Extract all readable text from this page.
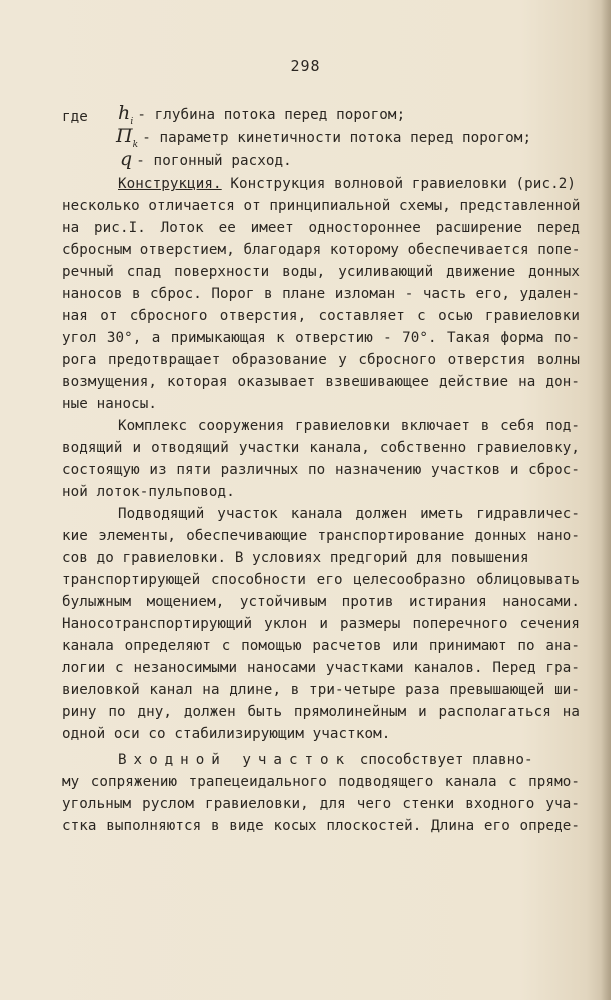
298
где $h_i$ - глубина потока перед порогом;
$П_k$ - параметр кинетичности потока перед порогом;
q - погонный расход.
Конструкция. Конструкция волновой гравиеловки (рис.2)
несколько отличается от принципиальной схемы, представленной
на рис.I. Лоток ее имеет одностороннее расширение перед
сбросным отверстием, благодаря которому обеспечивается попе-
речный спад поверхности воды, усиливающий движение донных
наносов в сброс. Порог в плане изломан - часть его, удален-
ная от сбросного отверстия, составляет с осью гравиеловки
угол 30°, а примыкающая к отверстию - 70°. Такая форма по-
рога предотвращает образование у сбросного отверстия волны
возмущения, которая оказывает взвешивающее действие на дон-
ные наносы.
Комплекс сооружения гравиеловки включает в себя под-
водящий и отводящий участки канала, собственно гравиеловку,
состоящую из пяти различных по назначению участков и сброс-
ной лоток-пульповод.
Подводящий участок канала должен иметь гидравличес-
кие элементы, обеспечивающие транспортирование донных нано-
сов до гравиеловки. В условиях предгорий для повышения
транспортирующей способности его целесообразно облицовывать
булыжным мощением, устойчивым против истирания наносами.
Наносотранспортирующий уклон и размеры поперечного сечения
канала определяют с помощью расчетов или принимают по ана-
логии с незаносимыми наносами участками каналов. Перед гра-
виеловкой канал на длине, в три-четыре раза превышающей ши-
рину по дну, должен быть прямолинейным и располагаться на
одной оси со стабилизирующим участком.
Входной участок способствует плавно-
му сопряжению трапецеидального подводящего канала с прямо-
угольным руслом гравиеловки, для чего стенки входного уча-
стка выполняются в виде косых плоскостей. Длина его опреде-
